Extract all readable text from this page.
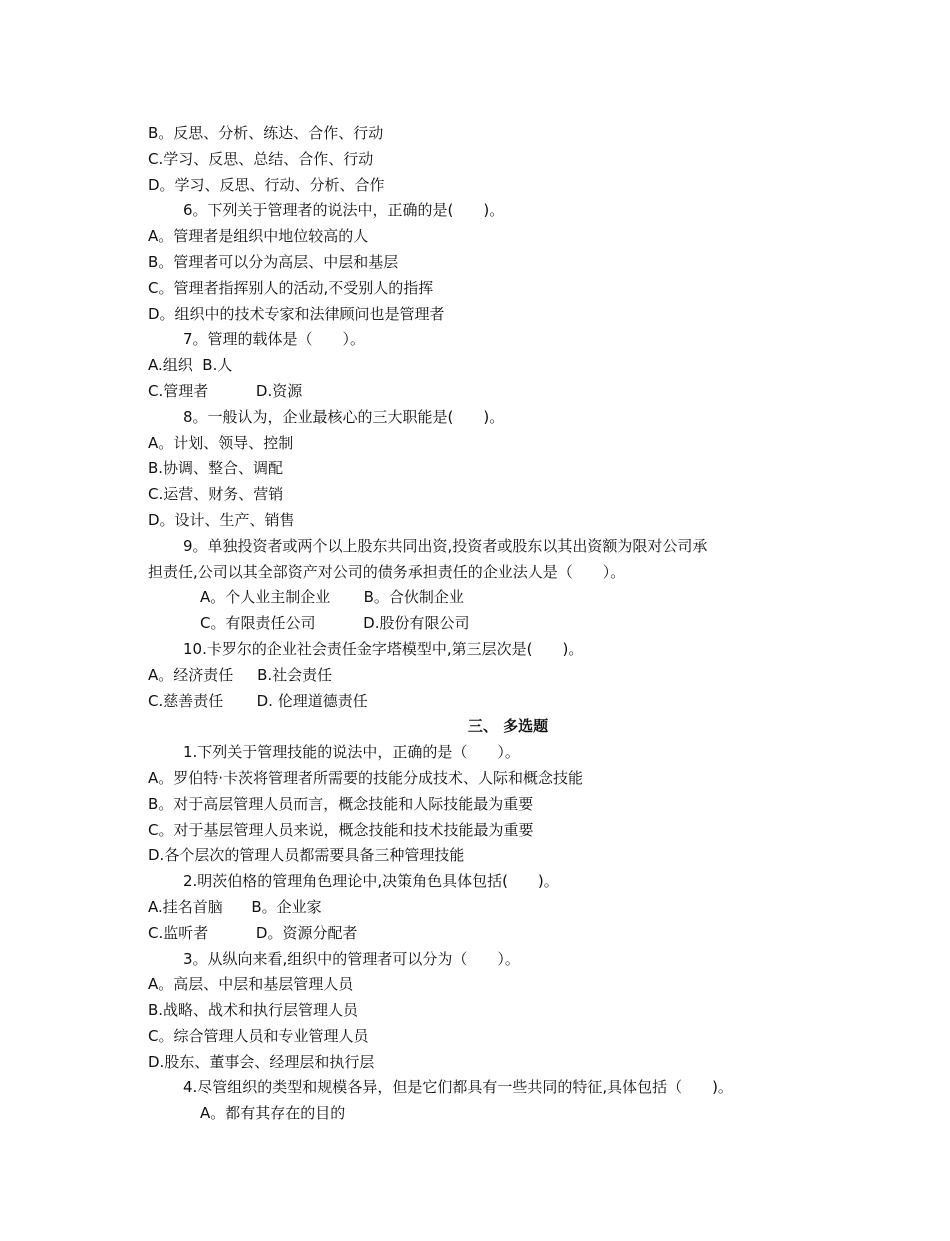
B。反思、分析、练达、合作、行动
C.学习、反思、总结、合作、行动
D。学习、反思、行动、分析、合作
6。下列关于管理者的说法中，正确的是(　　)。
A。管理者是组织中地位较高的人
B。管理者可以分为高层、中层和基层
C。管理者指挥别人的活动,不受别人的指挥
D。组织中的技术专家和法律顾问也是管理者
7。管理的载体是（　　）。
A.组织  B.人
C.管理者          D.资源
8。一般认为，企业最核心的三大职能是(　　)。
A。计划、领导、控制
B.协调、整合、调配
C.运营、财务、营销
D。设计、生产、销售
9。单独投资者或两个以上股东共同出资,投资者或股东以其出资额为限对公司承
担责任,公司以其全部资产对公司的债务承担责任的企业法人是（　　）。
A。个人业主制企业       B。合伙制企业
C。有限责任公司          D.股份有限公司
10.卡罗尔的企业社会责任金字塔模型中,第三层次是(　　)。
A。经济责任     B.社会责任
C.慈善责任       D. 伦理道德责任
三、 多选题
1.下列关于管理技能的说法中，正确的是（　　）。
A。罗伯特·卡茨将管理者所需要的技能分成技术、人际和概念技能
B。对于高层管理人员而言，概念技能和人际技能最为重要
C。对于基层管理人员来说，概念技能和技术技能最为重要
D.各个层次的管理人员都需要具备三种管理技能
2.明茨伯格的管理角色理论中,决策角色具体包括(　　)。
A.挂名首脑      B。企业家
C.监听者          D。资源分配者
3。从纵向来看,组织中的管理者可以分为（　　）。
A。高层、中层和基层管理人员
B.战略、战术和执行层管理人员
C。综合管理人员和专业管理人员
D.股东、董事会、经理层和执行层
4.尽管组织的类型和规模各异，但是它们都具有一些共同的特征,具体包括（　　)。
A。都有其存在的目的
